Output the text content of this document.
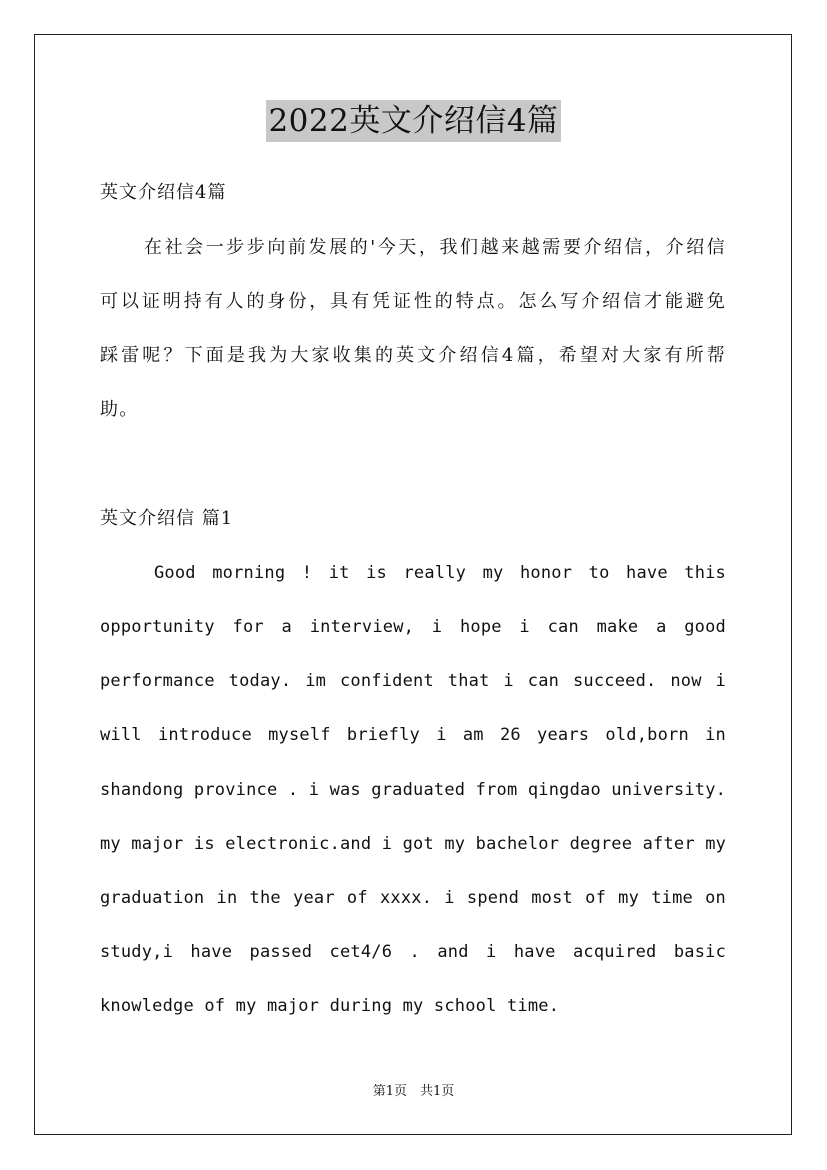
2022英文介绍信4篇
英文介绍信4篇
在社会一步步向前发展的'今天，我们越来越需要介绍信，介绍信
可以证明持有人的身份，具有凭证性的特点。怎么写介绍信才能避免
踩雷呢？下面是我为大家收集的英文介绍信4篇，希望对大家有所帮
助。
英文介绍信 篇1
Good morning ! it is really my honor to have this
opportunity for a interview, i hope i can make a good
performance today. im confident that i can succeed. now i
will introduce myself briefly i am 26 years old,born in
shandong province . i was graduated from qingdao university.
my major is electronic.and i got my bachelor degree after my
graduation in the year of xxxx. i spend most of my time on
study,i have passed cet4/6 . and i have acquired basic
knowledge of my major during my school time.
第1页　共1页
